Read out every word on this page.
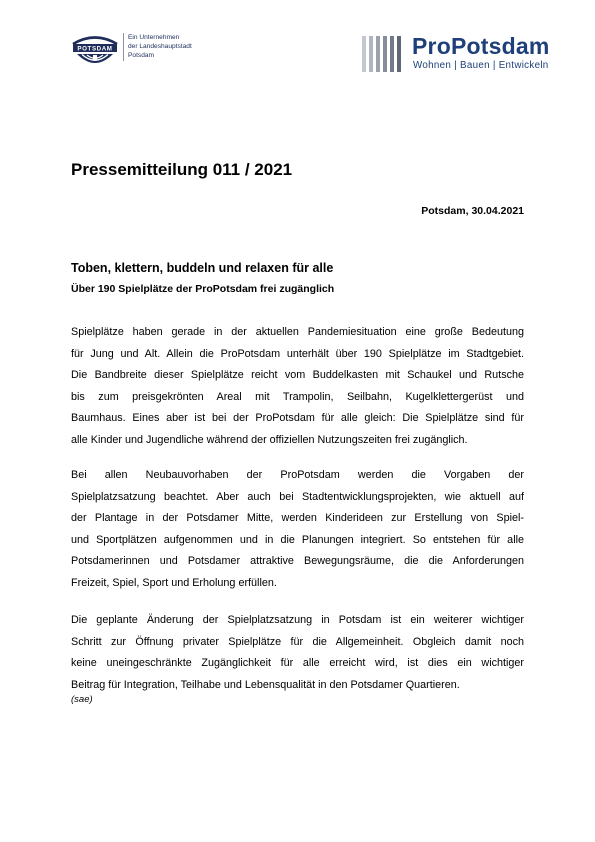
POTSDAM
Ein Unternehmen
der Landeshauptstadt
Potsdam	ProPotsdam
Wohnen | Bauen | Entwickeln
Pressemitteilung 011 / 2021
Potsdam, 30.04.2021
Toben, klettern, buddeln und relaxen für alle
Über 190 Spielplätze der ProPotsdam frei zugänglich
Spielplätze haben gerade in der aktuellen Pandemiesituation eine große Bedeutung
für Jung und Alt. Allein die ProPotsdam unterhält über 190 Spielplätze im Stadtgebiet.
Die Bandbreite dieser Spielplätze reicht vom Buddelkasten mit Schaukel und Rutsche
bis zum preisgekrönten Areal mit Trampolin, Seilbahn, Kugelklettergerüst und
Baumhaus. Eines aber ist bei der ProPotsdam für alle gleich: Die Spielplätze sind für
alle Kinder und Jugendliche während der offiziellen Nutzungszeiten frei zugänglich.
Bei allen Neubauvorhaben der ProPotsdam werden die Vorgaben der
Spielplatzsatzung beachtet. Aber auch bei Stadtentwicklungsprojekten, wie aktuell auf
der Plantage in der Potsdamer Mitte, werden Kinderideen zur Erstellung von Spiel-
und Sportplätzen aufgenommen und in die Planungen integriert. So entstehen für alle
Potsdamerinnen und Potsdamer attraktive Bewegungsräume, die die Anforderungen
Freizeit, Spiel, Sport und Erholung erfüllen.
Die geplante Änderung der Spielplatzsatzung in Potsdam ist ein weiterer wichtiger
Schritt zur Öffnung privater Spielplätze für die Allgemeinheit. Obgleich damit noch
keine uneingeschränkte Zugänglichkeit für alle erreicht wird, ist dies ein wichtiger
Beitrag für Integration, Teilhabe und Lebensqualität in den Potsdamer Quartieren.
(sae)
